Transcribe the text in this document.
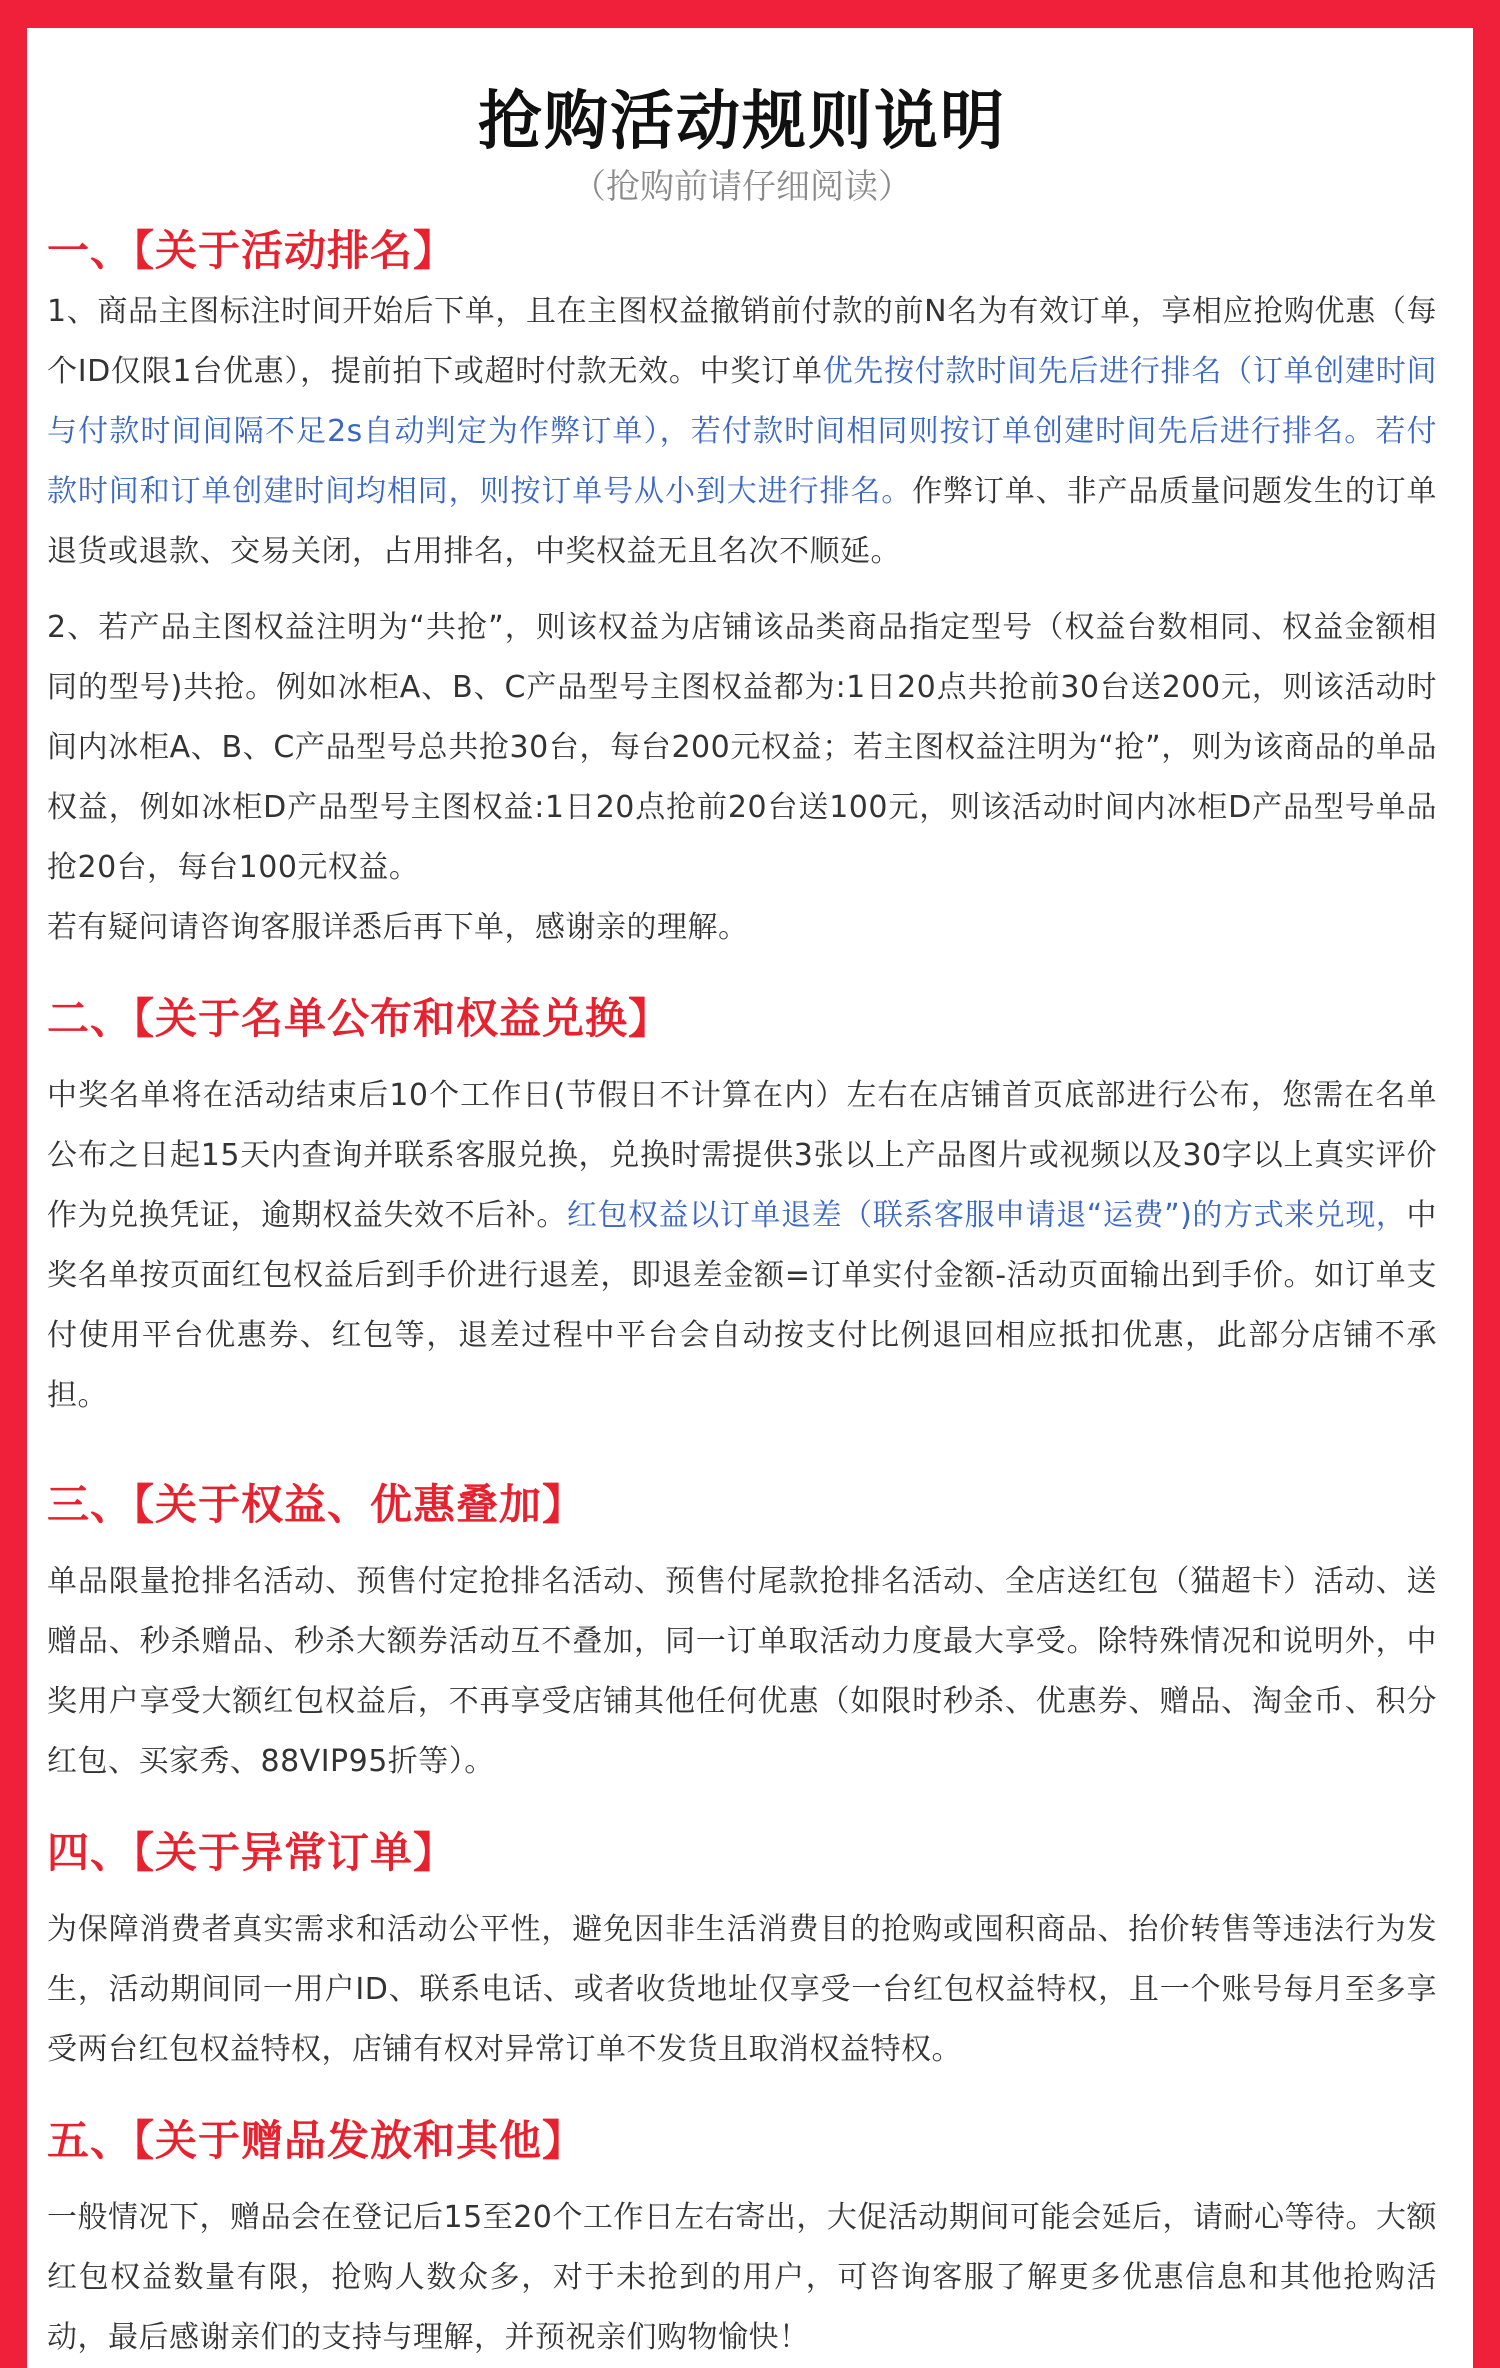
抢购活动规则说明
（抢购前请仔细阅读）
一、【关于活动排名】

1、商品主图标注时间开始后下单，且在主图权益撤销前付款的前N名为有效订单，享相应抢购优惠（每个ID仅限1台优惠），提前拍下或超时付款无效。中奖订单优先按付款时间先后进行排名（订单创建时间与付款时间间隔不足2s自动判定为作弊订单），若付款时间相同则按订单创建时间先后进行排名。若付款时间和订单创建时间均相同，则按订单号从小到大进行排名。作弊订单、非产品质量问题发生的订单退货或退款、交易关闭，占用排名，中奖权益无且名次不顺延。

2、若产品主图权益注明为“共抢”，则该权益为店铺该品类商品指定型号（权益台数相同、权益金额相同的型号)共抢。例如冰柜A、B、C产品型号主图权益都为:1日20点共抢前30台送200元，则该活动时间内冰柜A、B、C产品型号总共抢30台，每台200元权益；若主图权益注明为“抢”，则为该商品的单品权益，例如冰柜D产品型号主图权益:1日20点抢前20台送100元，则该活动时间内冰柜D产品型号单品抢20台，每台100元权益。

若有疑问请咨询客服详悉后再下单，感谢亲的理解。

二、【关于名单公布和权益兑换】

中奖名单将在活动结束后10个工作日(节假日不计算在内）左右在店铺首页底部进行公布，您需在名单公布之日起15天内查询并联系客服兑换，兑换时需提供3张以上产品图片或视频以及30字以上真实评价作为兑换凭证，逾期权益失效不后补。红包权益以订单退差（联系客服申请退“运费”)的方式来兑现，中奖名单按页面红包权益后到手价进行退差，即退差金额=订单实付金额-活动页面输出到手价。如订单支付使用平台优惠券、红包等，退差过程中平台会自动按支付比例退回相应抵扣优惠，此部分店铺不承担。

三、【关于权益、优惠叠加】

单品限量抢排名活动、预售付定抢排名活动、预售付尾款抢排名活动、全店送红包（猫超卡）活动、送赠品、秒杀赠品、秒杀大额券活动互不叠加，同一订单取活动力度最大享受。除特殊情况和说明外，中奖用户享受大额红包权益后，不再享受店铺其他任何优惠（如限时秒杀、优惠券、赠品、淘金币、积分红包、买家秀、88VIP95折等）。

四、【关于异常订单】

为保障消费者真实需求和活动公平性，避免因非生活消费目的抢购或囤积商品、抬价转售等违法行为发生，活动期间同一用户ID、联系电话、或者收货地址仅享受一台红包权益特权，且一个账号每月至多享受两台红包权益特权，店铺有权对异常订单不发货且取消权益特权。

五、【关于赠品发放和其他】

一般情况下，赠品会在登记后15至20个工作日左右寄出，大促活动期间可能会延后，请耐心等待。大额红包权益数量有限，抢购人数众多，对于未抢到的用户，可咨询客服了解更多优惠信息和其他抢购活动，最后感谢亲们的支持与理解，并预祝亲们购物愉快！
